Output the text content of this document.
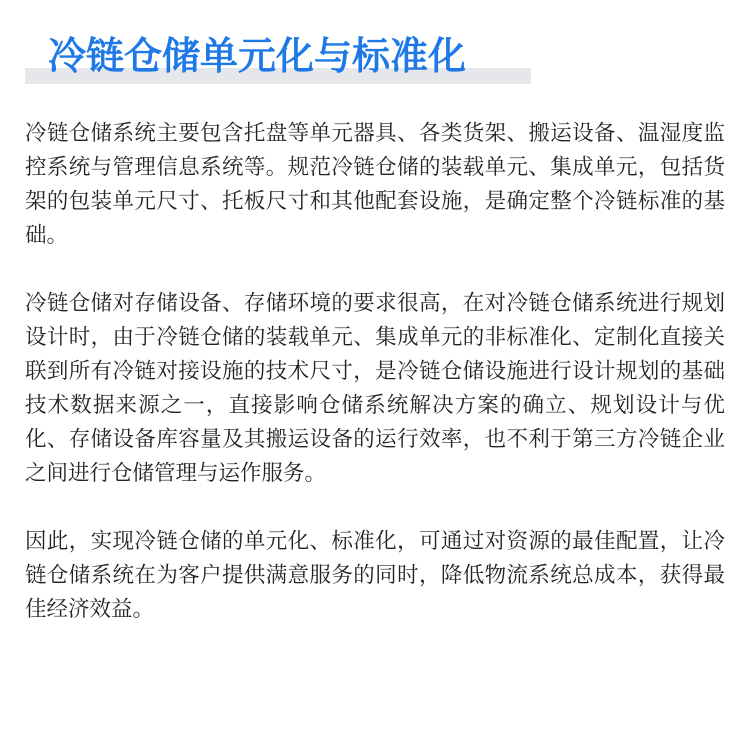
冷链仓储单元化与标准化

冷链仓储系统主要包含托盘等单元器具、各类货架、搬运设备、温湿度监控系统与管理信息系统等。规范冷链仓储的装载单元、集成单元，包括货架的包装单元尺寸、托板尺寸和其他配套设施，是确定整个冷链标准的基础。

冷链仓储对存储设备、存储环境的要求很高，在对冷链仓储系统进行规划设计时，由于冷链仓储的装载单元、集成单元的非标准化、定制化直接关联到所有冷链对接设施的技术尺寸，是冷链仓储设施进行设计规划的基础技术数据来源之一，直接影响仓储系统解决方案的确立、规划设计与优化、存储设备库容量及其搬运设备的运行效率，也不利于第三方冷链企业之间进行仓储管理与运作服务。

因此，实现冷链仓储的单元化、标准化，可通过对资源的最佳配置，让冷链仓储系统在为客户提供满意服务的同时，降低物流系统总成本，获得最佳经济效益。
